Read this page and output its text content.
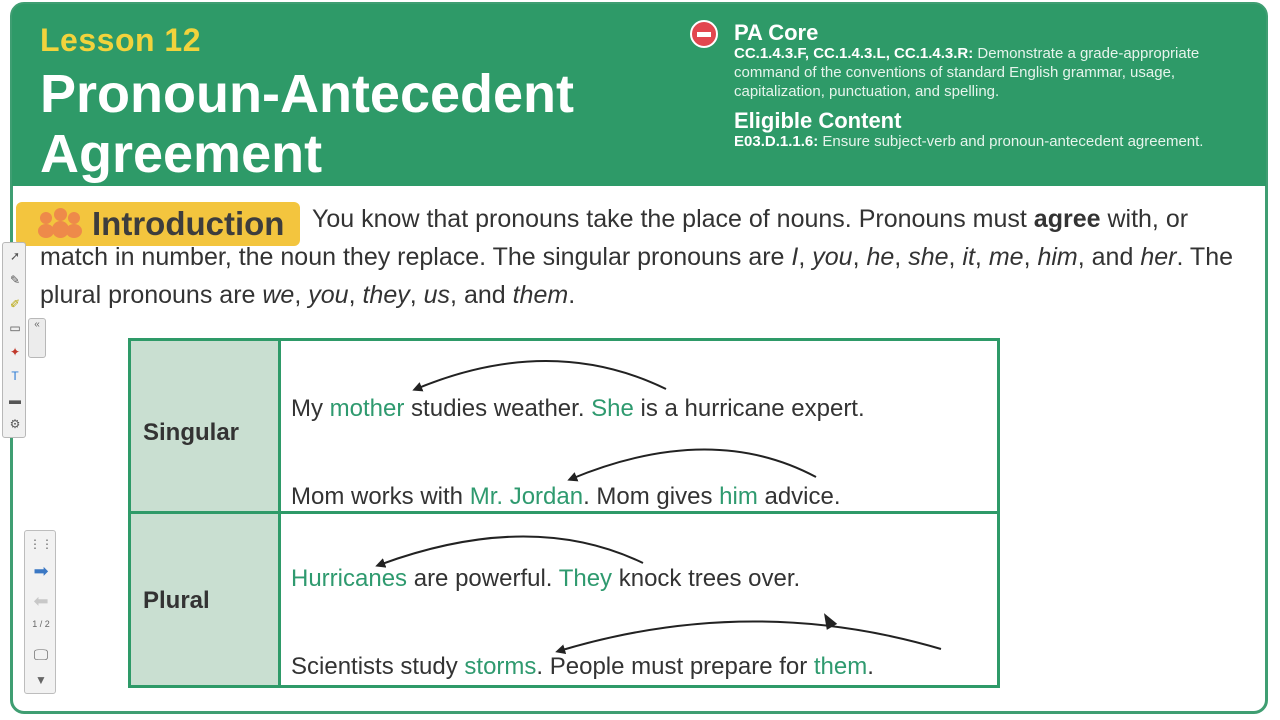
Lesson 12
Pronoun-Antecedent Agreement
PA Core
CC.1.4.3.F, CC.1.4.3.L, CC.1.4.3.R: Demonstrate a grade-appropriate command of the conventions of standard English grammar, usage, capitalization, punctuation, and spelling.
Eligible Content
E03.D.1.1.6: Ensure subject-verb and pronoun-antecedent agreement.
Introduction	You know that pronouns take the place of nouns. Pronouns must agree with, or match in number, the noun they replace. The singular pronouns are I, you, he, she, it, me, him, and her. The plural pronouns are we, you, they, us, and them.
Singular
Plural
My mother studies weather. She is a hurricane expert.
Mom works with Mr. Jordan. Mom gives him advice.
Hurricanes are powerful. They knock trees over.
Scientists study storms. People must prepare for them.
➚
✎
✐
▭
✦
T
▬
⚙
«
⋮⋮
➡
⬅
1 / 2
🖵
▼
